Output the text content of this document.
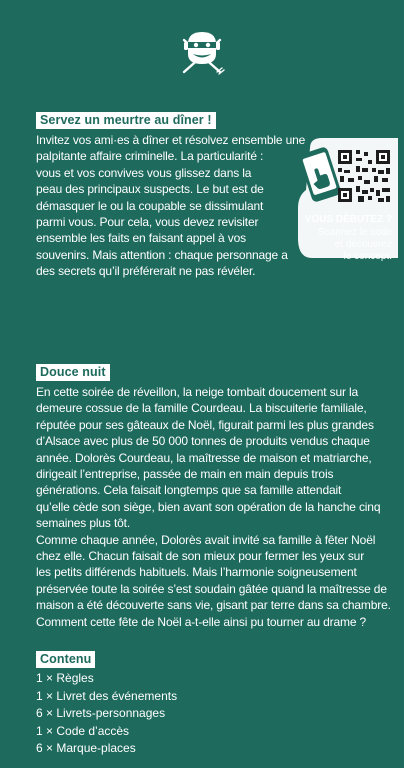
Servez un meurtre au dîner !
Invitez vos ami·es à dîner et résolvez ensemble une
palpitante affaire criminelle. La particularité :
vous et vos convives vous glissez dans la
peau des principaux suspects. Le but est de
démasquer le ou la coupable se dissimulant
parmi vous. Pour cela, vous devez revisiter
ensemble les faits en faisant appel à vos
souvenirs. Mais attention : chaque personnage a
des secrets qu’il préférerait ne pas révéler.
VOUS DÉBUTEZ ?
Scannez le code
et découvrez
le concept.
Douce nuit
En cette soirée de réveillon, la neige tombait doucement sur la
demeure cossue de la famille Courdeau. La biscuiterie familiale,
réputée pour ses gâteaux de Noël, figurait parmi les plus grandes
d’Alsace avec plus de 50 000 tonnes de produits vendus chaque
année. Dolorès Courdeau, la maîtresse de maison et matriarche,
dirigeait l’entreprise, passée de main en main depuis trois
générations. Cela faisait longtemps que sa famille attendait
qu’elle cède son siège, bien avant son opération de la hanche cinq
semaines plus tôt.
Comme chaque année, Dolorès avait invité sa famille à fêter Noël
chez elle. Chacun faisait de son mieux pour fermer les yeux sur
les petits différends habituels. Mais l’harmonie soigneusement
préservée toute la soirée s’est soudain gâtée quand la maîtresse de
maison a été découverte sans vie, gisant par terre dans sa chambre.
Comment cette fête de Noël a-t-elle ainsi pu tourner au drame ?
Contenu
1 × Règles
1 × Livret des événements
6 × Livrets-personnages
1 × Code d’accès
6 × Marque-places
